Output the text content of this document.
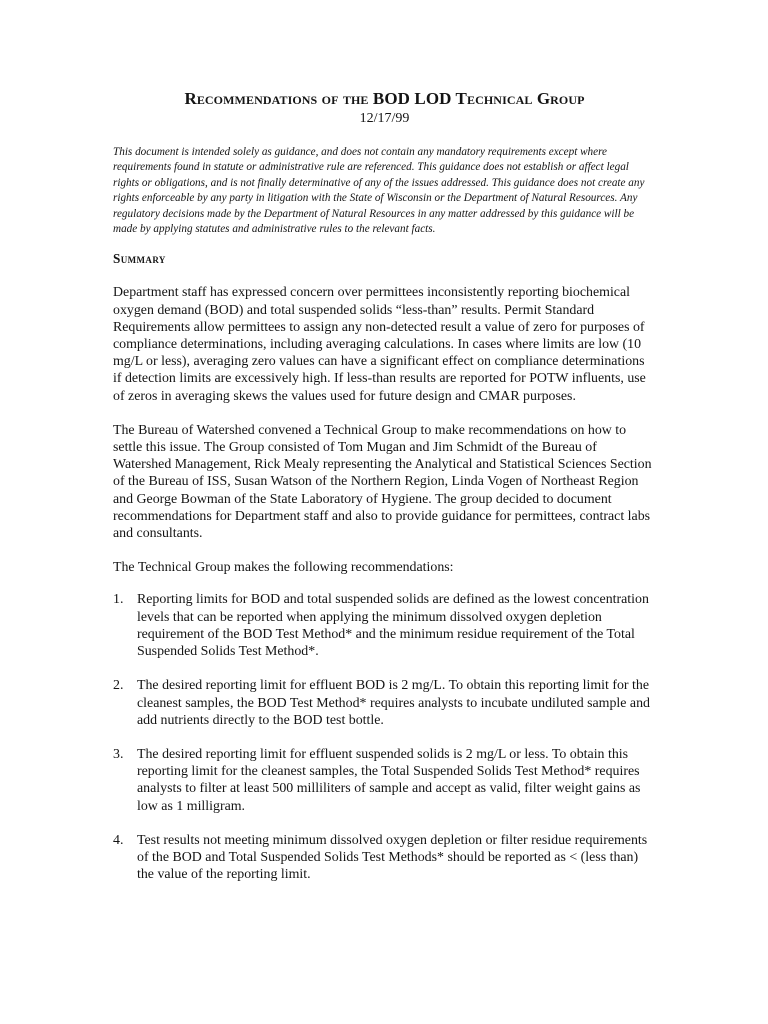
Recommendations of the BOD LOD Technical Group

12/17/99

This document is intended solely as guidance, and does not contain any mandatory requirements except where requirements found in statute or administrative rule are referenced. This guidance does not establish or affect legal rights or obligations, and is not finally determinative of any of the issues addressed. This guidance does not create any rights enforceable by any party in litigation with the State of Wisconsin or the Department of Natural Resources. Any regulatory decisions made by the Department of Natural Resources in any matter addressed by this guidance will be made by applying statutes and administrative rules to the relevant facts.

Summary

Department staff has expressed concern over permittees inconsistently reporting biochemical oxygen demand (BOD) and total suspended solids “less-than” results. Permit Standard Requirements allow permittees to assign any non-detected result a value of zero for purposes of compliance determinations, including averaging calculations. In cases where limits are low (10 mg/L or less), averaging zero values can have a significant effect on compliance determinations if detection limits are excessively high. If less-than results are reported for POTW influents, use of zeros in averaging skews the values used for future design and CMAR purposes.

The Bureau of Watershed convened a Technical Group to make recommendations on how to settle this issue. The Group consisted of Tom Mugan and Jim Schmidt of the Bureau of Watershed Management, Rick Mealy representing the Analytical and Statistical Sciences Section of the Bureau of ISS, Susan Watson of the Northern Region, Linda Vogen of Northeast Region and George Bowman of the State Laboratory of Hygiene. The group decided to document recommendations for Department staff and also to provide guidance for permittees, contract labs and consultants.

The Technical Group makes the following recommendations:

1. Reporting limits for BOD and total suspended solids are defined as the lowest concentration levels that can be reported when applying the minimum dissolved oxygen depletion requirement of the BOD Test Method* and the minimum residue requirement of the Total Suspended Solids Test Method*.
2. The desired reporting limit for effluent BOD is 2 mg/L. To obtain this reporting limit for the cleanest samples, the BOD Test Method* requires analysts to incubate undiluted sample and add nutrients directly to the BOD test bottle.
3. The desired reporting limit for effluent suspended solids is 2 mg/L or less. To obtain this reporting limit for the cleanest samples, the Total Suspended Solids Test Method* requires analysts to filter at least 500 milliliters of sample and accept as valid, filter weight gains as low as 1 milligram.
4. Test results not meeting minimum dissolved oxygen depletion or filter residue requirements of the BOD and Total Suspended Solids Test Methods* should be reported as < (less than) the value of the reporting limit.
